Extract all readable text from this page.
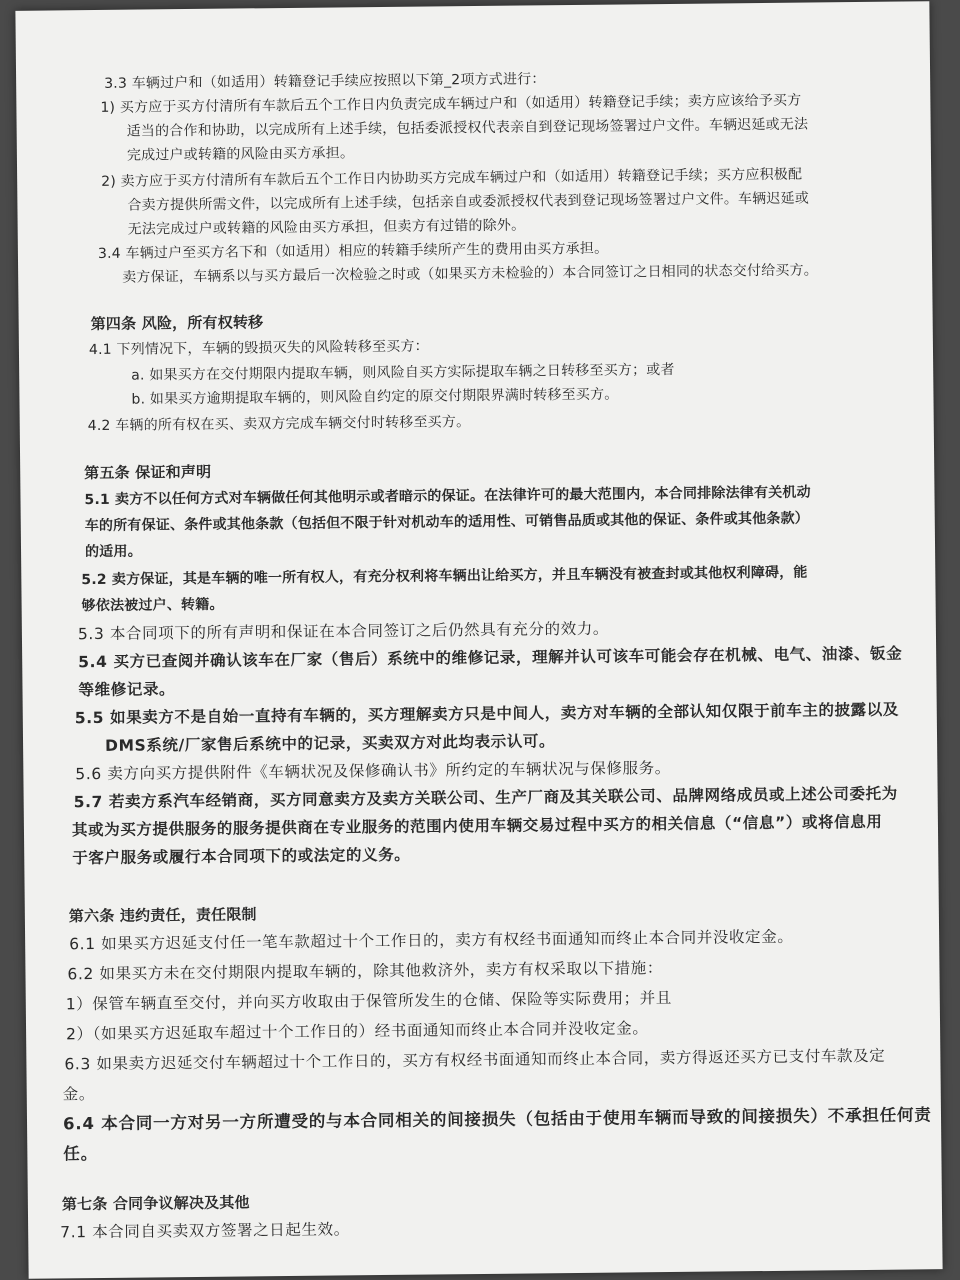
3.3 车辆过户和（如适用）转籍登记手续应按照以下第_2项方式进行：
1) 买方应于买方付清所有车款后五个工作日内负责完成车辆过户和（如适用）转籍登记手续；卖方应该给予买方
适当的合作和协助，以完成所有上述手续，包括委派授权代表亲自到登记现场签署过户文件。车辆迟延或无法
完成过户或转籍的风险由买方承担。
2) 卖方应于买方付清所有车款后五个工作日内协助买方完成车辆过户和（如适用）转籍登记手续；买方应积极配
合卖方提供所需文件，以完成所有上述手续，包括亲自或委派授权代表到登记现场签署过户文件。车辆迟延或
无法完成过户或转籍的风险由买方承担，但卖方有过错的除外。
3.4 车辆过户至买方名下和（如适用）相应的转籍手续所产生的费用由买方承担。
卖方保证，车辆系以与买方最后一次检验之时或（如果买方未检验的）本合同签订之日相同的状态交付给买方。
第四条 风险，所有权转移
4.1 下列情况下，车辆的毁损灭失的风险转移至买方：
a. 如果买方在交付期限内提取车辆，则风险自买方实际提取车辆之日转移至买方；或者
b. 如果买方逾期提取车辆的，则风险自约定的原交付期限界满时转移至买方。
4.2 车辆的所有权在买、卖双方完成车辆交付时转移至买方。
第五条 保证和声明
5.1 卖方不以任何方式对车辆做任何其他明示或者暗示的保证。在法律许可的最大范围内，本合同排除法律有关机动
车的所有保证、条件或其他条款（包括但不限于针对机动车的适用性、可销售品质或其他的保证、条件或其他条款）
的适用。
5.2 卖方保证，其是车辆的唯一所有权人，有充分权利将车辆出让给买方，并且车辆没有被查封或其他权利障碍，能
够依法被过户、转籍。
5.3 本合同项下的所有声明和保证在本合同签订之后仍然具有充分的效力。
5.4 买方已查阅并确认该车在厂家（售后）系统中的维修记录，理解并认可该车可能会存在机械、电气、油漆、钣金
等维修记录。
5.5 如果卖方不是自始一直持有车辆的，买方理解卖方只是中间人，卖方对车辆的全部认知仅限于前车主的披露以及
DMS系统/厂家售后系统中的记录，买卖双方对此均表示认可。
5.6 卖方向买方提供附件《车辆状况及保修确认书》所约定的车辆状况与保修服务。
5.7 若卖方系汽车经销商，买方同意卖方及卖方关联公司、生产厂商及其关联公司、品牌网络成员或上述公司委托为
其或为买方提供服务的服务提供商在专业服务的范围内使用车辆交易过程中买方的相关信息（“信息”）或将信息用
于客户服务或履行本合同项下的或法定的义务。
第六条 违约责任，责任限制
6.1 如果买方迟延支付任一笔车款超过十个工作日的，卖方有权经书面通知而终止本合同并没收定金。
6.2 如果买方未在交付期限内提取车辆的，除其他救济外，卖方有权采取以下措施：
1）保管车辆直至交付，并向买方收取由于保管所发生的仓储、保险等实际费用；并且
2）（如果买方迟延取车超过十个工作日的）经书面通知而终止本合同并没收定金。
6.3 如果卖方迟延交付车辆超过十个工作日的，买方有权经书面通知而终止本合同，卖方得返还买方已支付车款及定
金。
6.4 本合同一方对另一方所遭受的与本合同相关的间接损失（包括由于使用车辆而导致的间接损失）不承担任何责
任。
第七条 合同争议解决及其他
7.1 本合同自买卖双方签署之日起生效。
